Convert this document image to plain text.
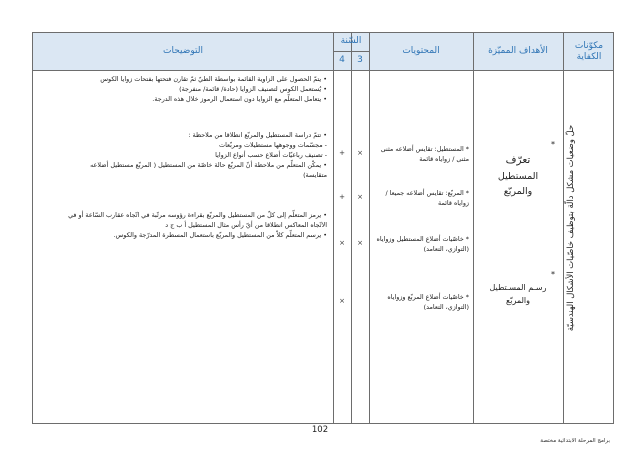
التوضيحات
السّنة
4	3
المحتويات	الأهداف المميّزة
مكوّنات الكفاية
حلّ وضعيات مشكل دالّة بتوظيف خاصّيات الأشكال الهندسيّة
*
تعرّف
المستطيل
والمربّع
*
رسـم المسـتطيل
والمربّع
* المستطيل: تقايس أضلاعه مثنى
مثنى / زواياه قائمة
* المربّع: تقايس أضلاعه جميعا /
زواياه قائمة
* خاصّيات أضلاع المستطيل وزواياه
(التوازي، التعامد)
* خاصّيات أضلاع المربّع وزواياه
(التوازي، التعامد)
×
+
×
+
×
×
×
• يتمّ الحصول على الزاوية القائمة بواسطة الطيّ ثمّ تقارن فتحتها بفتحات زوايا الكوس
• يُستعمل الكوس لتصنيف الزوايا (حادة/ قائمة/ منفرجة)
• يتعامل المتعلّم مع الزوايا دون استعمال الرموز خلال هذه الدرجة.
• تتمّ دراسة المستطيل والمربّع انطلاقا من ملاحظة :
- مجسّمات ووجوهها مستطيلات ومربّعات
- تصنيف رباعيّات أضلاع حسب أنواع الزوايا
• يمكّن المتعلّم من ملاحظة أنّ المربّع حالة خاصّة من المستطيل ( المربّع مستطيل أضلاعه
متقايسة)
• يرمز المتعلّم إلى كلّ من المستطيل والمربّع بقراءة رؤوسه مرتّبة في اتّجاه عقارب السّاعة أو في
الاتّجاه المعاكس انطلاقا من أيّ رأس مثال المستطيل أ ب ج د
• يرسم المتعلّم كلاّ من المستطيل والمربّع باستعمال المسطرة المدرّجة والكوس.
102
برامج المرحلة الابتدائية مختصة
